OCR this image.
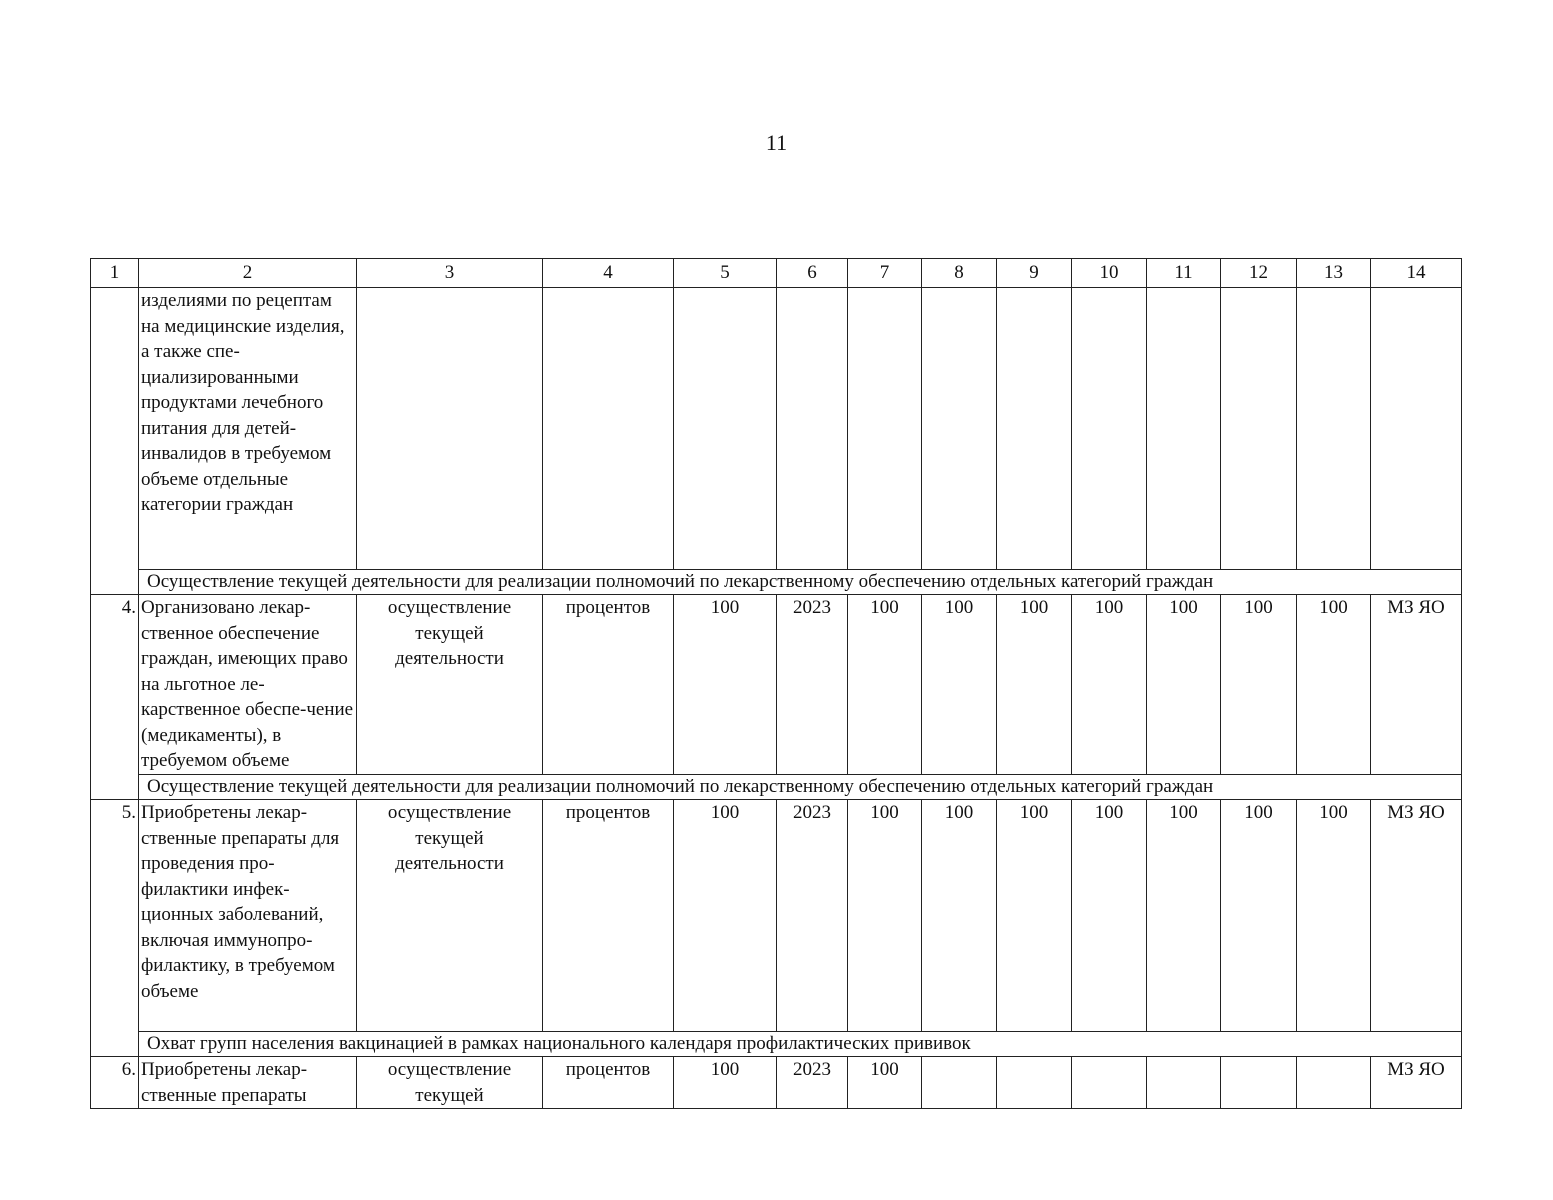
11
1	2	3	4	5	6	7	8	9	10	11	12	13	14
	изделиями по рецептам на медицинские изделия, а также спе-циализированными продуктами лечебного питания для детей-инвалидов в требуемом объеме отдельные категории граждан												
	Осуществление текущей деятельности для реализации полномочий по лекарственному обеспечению отдельных категорий граждан												
4.	Организовано лекар-ственное обеспечение граждан, имеющих право на льготное ле-карственное обеспе-чение (медикаменты), в требуемом объеме	осуществление текущей деятельности	процентов	100	2023	100	100	100	100	100	100	100	МЗ ЯО
	Осуществление текущей деятельности для реализации полномочий по лекарственному обеспечению отдельных категорий граждан												
5.	Приобретены лекар-ственные препараты для проведения про-филактики инфек-ционных заболеваний, включая иммунопро-филактику, в требуемом объеме	осуществление текущей деятельности	процентов	100	2023	100	100	100	100	100	100	100	МЗ ЯО
	Охват групп населения вакцинацией в рамках национального календаря профилактических прививок												
6.	Приобретены лекар-ственные препараты	осуществление текущей	процентов	100	2023	100							МЗ ЯО
